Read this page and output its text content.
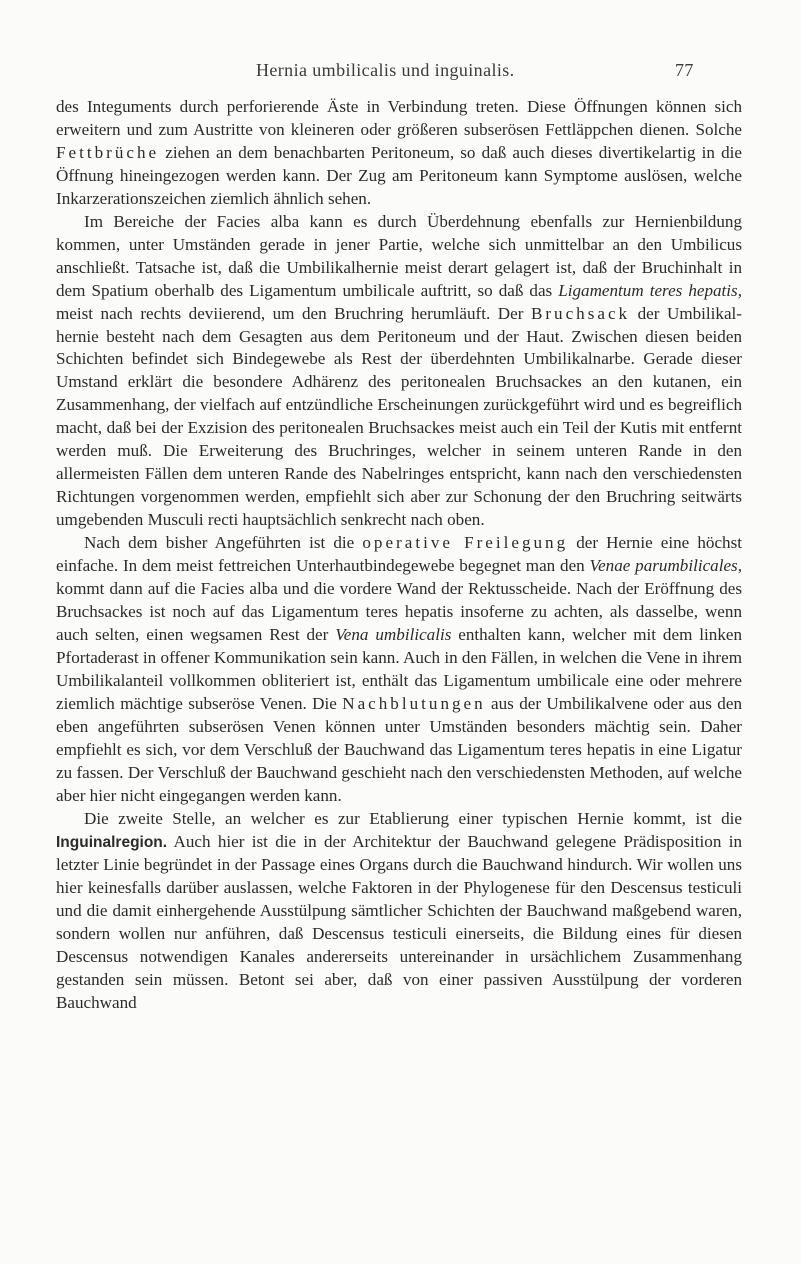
Hernia umbilicalis und inguinalis.	77

des Integuments durch perforierende Äste in Verbindung treten. Diese Öffnungen können sich erweitern und zum Austritte von kleineren oder größeren subserösen Fettläppchen dienen. Solche Fettbrüche ziehen an dem benachbarten Peritoneum, so daß auch dieses divertikelartig in die Öffnung hineingezogen werden kann. Der Zug am Peritoneum kann Symptome auslösen, welche Inkarzerationszeichen ziemlich ähnlich sehen.

Im Bereiche der Facies alba kann es durch Überdehnung ebenfalls zur Hernienbildung kommen, unter Umständen gerade in jener Partie, welche sich unmittelbar an den Umbilicus anschließt. Tatsache ist, daß die Umbilikalhernie meist derart gelagert ist, daß der Bruchinhalt in dem Spatium oberhalb des Ligamentum umbilicale auftritt, so daß das Ligamentum teres hepatis, meist nach rechts deviierend, um den Bruchring herumläuft. Der Bruchsack der Umbilikalhernie besteht nach dem Gesagten aus dem Peritoneum und der Haut. Zwischen diesen beiden Schichten befindet sich Bindegewebe als Rest der überdehnten Umbilikalnarbe. Gerade dieser Umstand erklärt die besondere Adhärenz des peritonealen Bruchsackes an den kutanen, ein Zusammenhang, der vielfach auf entzündliche Erscheinungen zurückgeführt wird und es begreiflich macht, daß bei der Exzision des peritonealen Bruchsackes meist auch ein Teil der Kutis mit entfernt werden muß. Die Erweiterung des Bruchringes, welcher in seinem unteren Rande in den allermeisten Fällen dem unteren Rande des Nabelringes entspricht, kann nach den verschiedensten Richtungen vorgenommen werden, empfiehlt sich aber zur Schonung der den Bruchring seitwärts umgebenden Musculi recti hauptsächlich senkrecht nach oben.

Nach dem bisher Angeführten ist die operative Freilegung der Hernie eine höchst einfache. In dem meist fettreichen Unterhautbindegewebe begegnet man den Venae parumbilicales, kommt dann auf die Facies alba und die vordere Wand der Rektusscheide. Nach der Eröffnung des Bruchsackes ist noch auf das Ligamentum teres hepatis insoferne zu achten, als dasselbe, wenn auch selten, einen wegsamen Rest der Vena umbilicalis enthalten kann, welcher mit dem linken Pfortaderast in offener Kommunikation sein kann. Auch in den Fällen, in welchen die Vene in ihrem Umbilikalanteil vollkommen obliteriert ist, enthält das Ligamentum umbilicale eine oder mehrere ziemlich mächtige subseröse Venen. Die Nachblutungen aus der Umbilikalvene oder aus den eben angeführten subserösen Venen können unter Umständen besonders mächtig sein. Daher empfiehlt es sich, vor dem Verschluß der Bauchwand das Ligamentum teres hepatis in eine Ligatur zu fassen. Der Verschluß der Bauchwand geschieht nach den verschiedensten Methoden, auf welche aber hier nicht eingegangen werden kann.

Die zweite Stelle, an welcher es zur Etablierung einer typischen Hernie kommt, ist die Inguinalregion. Auch hier ist die in der Architektur der Bauchwand gelegene Prädisposition in letzter Linie begründet in der Passage eines Organs durch die Bauchwand hindurch. Wir wollen uns hier keinesfalls darüber auslassen, welche Faktoren in der Phylogenese für den Descensus testiculi und die damit einhergehende Ausstülpung sämtlicher Schichten der Bauchwand maßgebend waren, sondern wollen nur anführen, daß Descensus testiculi einerseits, die Bildung eines für diesen Descensus notwendigen Kanales andererseits untereinander in ursächlichem Zusammenhang gestanden sein müssen. Betont sei aber, daß von einer passiven Ausstülpung der vorderen Bauchwand
